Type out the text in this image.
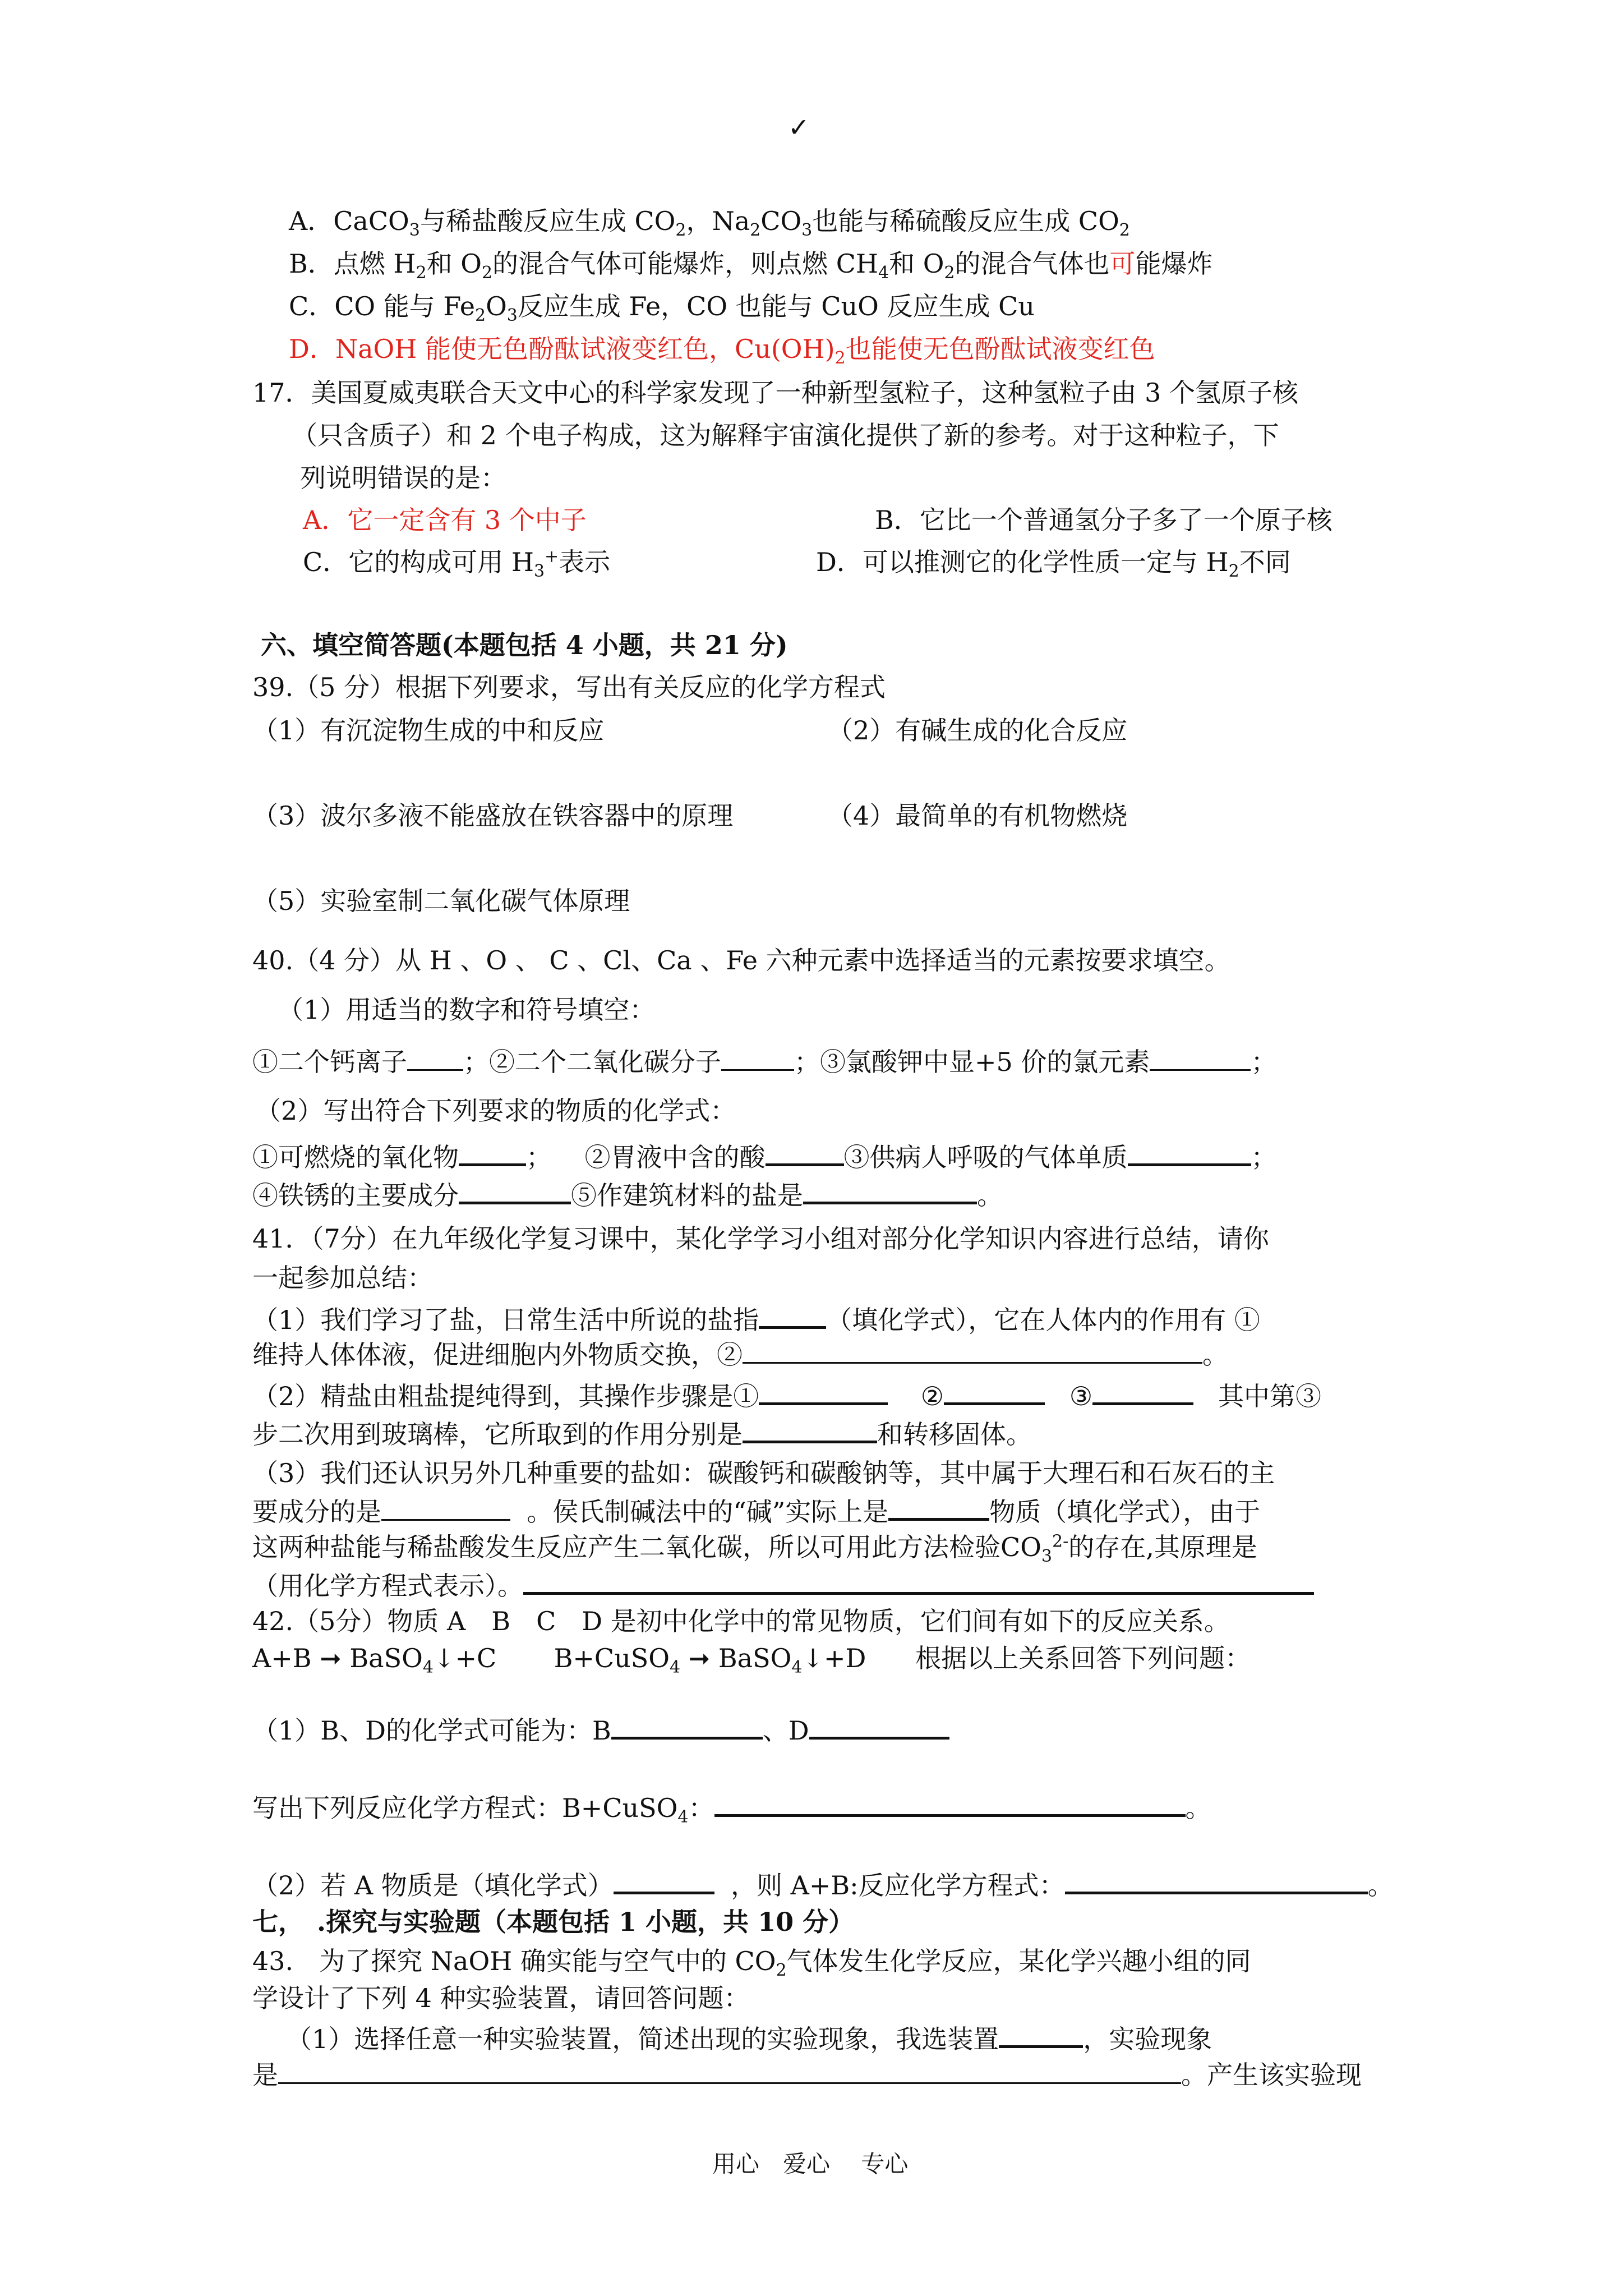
✓
A．CaCO$_3$与稀盐酸反应生成 $CO_2$，$Na_2CO_3$也能与稀硫酸反应生成 $CO_2$
B．点燃 $H_2$和 $O_2$的混合气体可能爆炸，则点燃 $CH_4$和 $O_2$的混合气体也可能爆炸
C．CO 能与 $Fe_2O_3$反应生成 Fe，CO 也能与 CuO 反应生成 Cu
D．NaOH 能使无色酚酞试液变红色，$Cu(OH)_2$也能使无色酚酞试液变红色
17．美国夏威夷联合天文中心的科学家发现了一种新型氢粒子，这种氢粒子由 3 个氢原子核
（只含质子）和 2 个电子构成，这为解释宇宙演化提供了新的参考。对于这种粒子，下
列说明错误的是：
A．它一定含有 3 个中子	B．它比一个普通氢分子多了一个原子核
C．它的构成可用 $H_3^+$表示	D．可以推测它的化学性质一定与 $H_2$不同
六、填空简答题(本题包括 4 小题，共 21 分)
39.（5 分）根据下列要求，写出有关反应的化学方程式
（1）有沉淀物生成的中和反应	（2）有碱生成的化合反应
（3）波尔多液不能盛放在铁容器中的原理	（4）最简单的有机物燃烧
（5）实验室制二氧化碳气体原理
40.（4 分）从 H 、O 、 C 、Cl、Ca 、Fe 六种元素中选择适当的元素按要求填空。
（1）用适当的数字和符号填空：
①二个钙离子 ；②二个二氧化碳分子	；③氯酸钾中显+5 价的氯元素	；
（2）写出符合下列要求的物质的化学式：
①可燃烧的氧化物	； ②胃液中含的酸	③供病人呼吸的气体单质	；
④铁锈的主要成分	⑤作建筑材料的盐是	。
41．（7分）在九年级化学复习课中，某化学学习小组对部分化学知识内容进行总结，请你
一起参加总结：
（1）我们学习了盐，日常生活中所说的盐指	（填化学式），它在人体内的作用有 ①
维持人体体液，促进细胞内外物质交换，②	。
（2）精盐由粗盐提纯得到，其操作步骤是①	②	③	其中第③
步二次用到玻璃棒，它所取到的作用分别是	和转移固体。
（3）我们还认识另外几种重要的盐如：碳酸钙和碳酸钠等，其中属于大理石和石灰石的主
要成分的是	。侯氏制碱法中的“碱”实际上是	物质（填化学式），由于
这两种盐能与稀盐酸发生反应产生二氧化碳，所以可用此方法检验$CO_3^{2-}$的存在,其原理是
（用化学方程式表示）。
42.（5分）物质 A　B　C　D 是初中化学中的常见物质，它们间有如下的反应关系。
A+B ➞ BaSO$_4$↓+C B+CuSO$_4$ ➞ BaSO$_4$↓+D 根据以上关系回答下列问题：
（1）B、D的化学式可能为：B	、D
写出下列反应化学方程式：B+CuSO$_4$：	。
（2）若 A 物质是（填化学式）	，则 A+B:反应化学方程式：	。
七，　.探究与实验题（本题包括 1 小题，共 10 分）
43.　为了探究 NaOH 确实能与空气中的 $CO_2$气体发生化学反应，某化学兴趣小组的同
学设计了下列 4 种实验装置，请回答问题：
（1）选择任意一种实验装置，简述出现的实验现象，我选装置	，实验现象
是	。产生该实验现
用心　爱心　 专心
